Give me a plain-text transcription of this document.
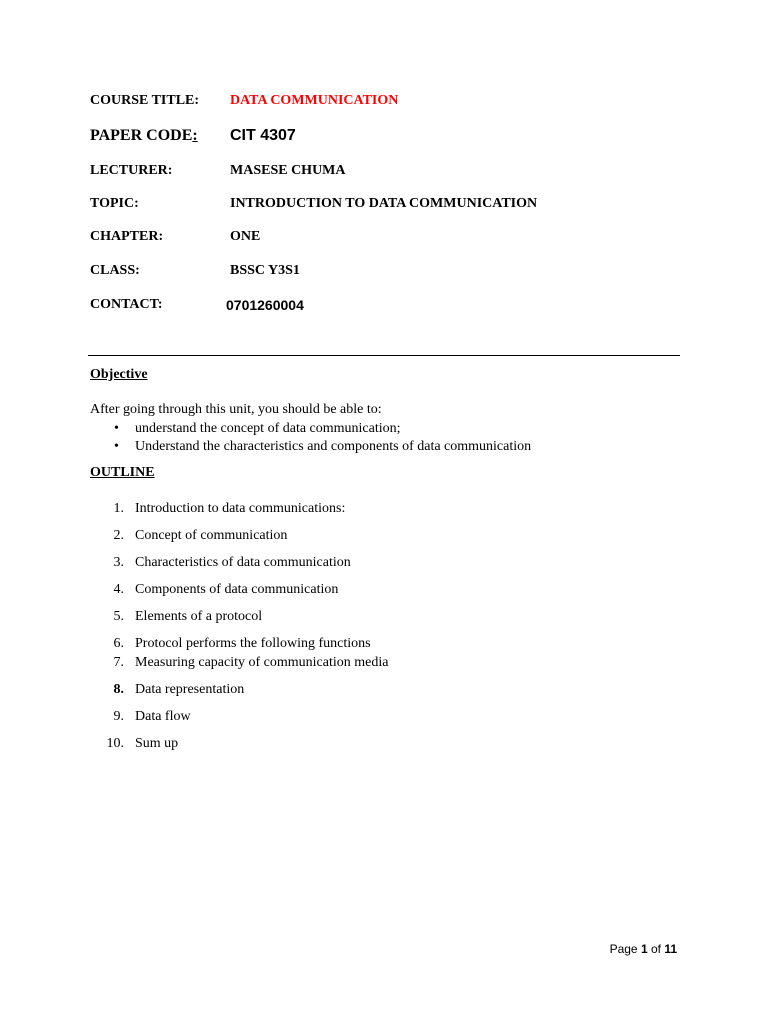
COURSE TITLE: DATA COMMUNICATION
PAPER CODE: CIT 4307
LECTURER:	MASESE CHUMA
TOPIC:	INTRODUCTION TO DATA COMMUNICATION
CHAPTER:	ONE
CLASS:	BSSC Y3S1
CONTACT:	0701260004
Objective
After going through this unit, you should be able to:
• understand the concept of data communication;
• Understand the characteristics and components of data communication
OUTLINE
1. Introduction to data communications:
2. Concept of communication
3. Characteristics of data communication
4. Components of data communication
5. Elements of a protocol
6. Protocol performs the following functions
7. Measuring capacity of communication media
8. Data representation
9. Data flow
10. Sum up
Page 1 of 11
